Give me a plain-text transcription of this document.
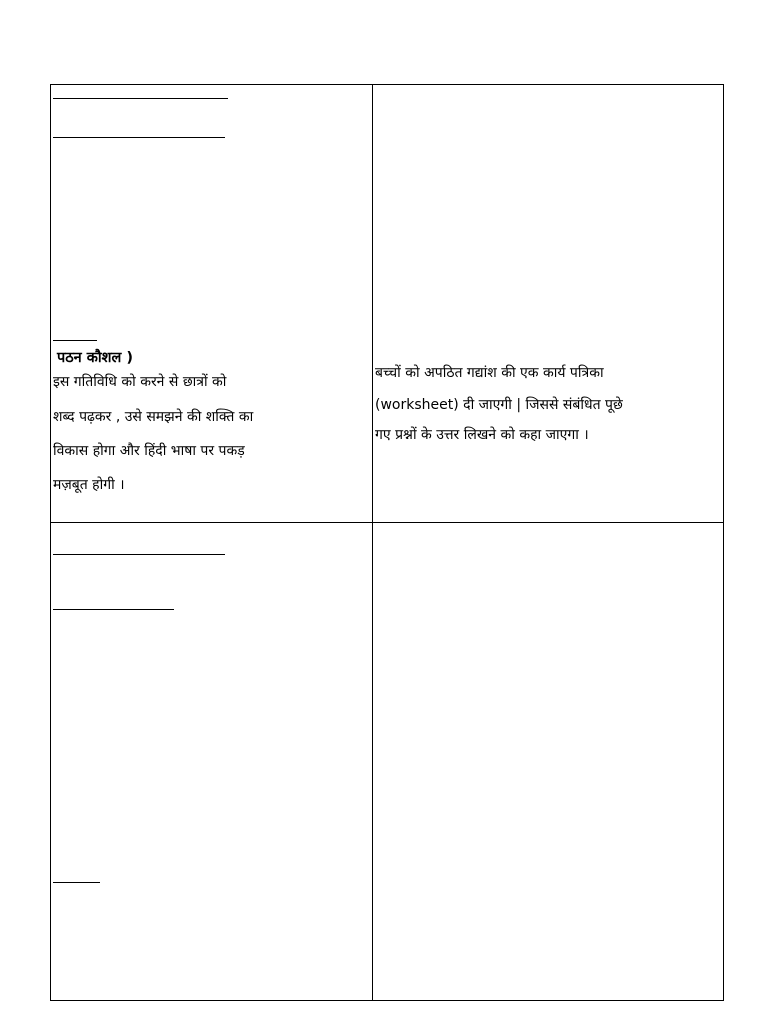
पठन कौशल )
इस गतिविधि को करने से छात्रों को
शब्द पढ़कर , उसे समझने की शक्ति का
विकास होगा और हिंदी भाषा पर पकड़
मज़बूत होगी ।
बच्चों को अपठित गद्यांश की एक कार्य पत्रिका
(worksheet) दी जाएगी | जिससे संबंधित पूछे
गए प्रश्नों के उत्तर लिखने को कहा जाएगा ।
